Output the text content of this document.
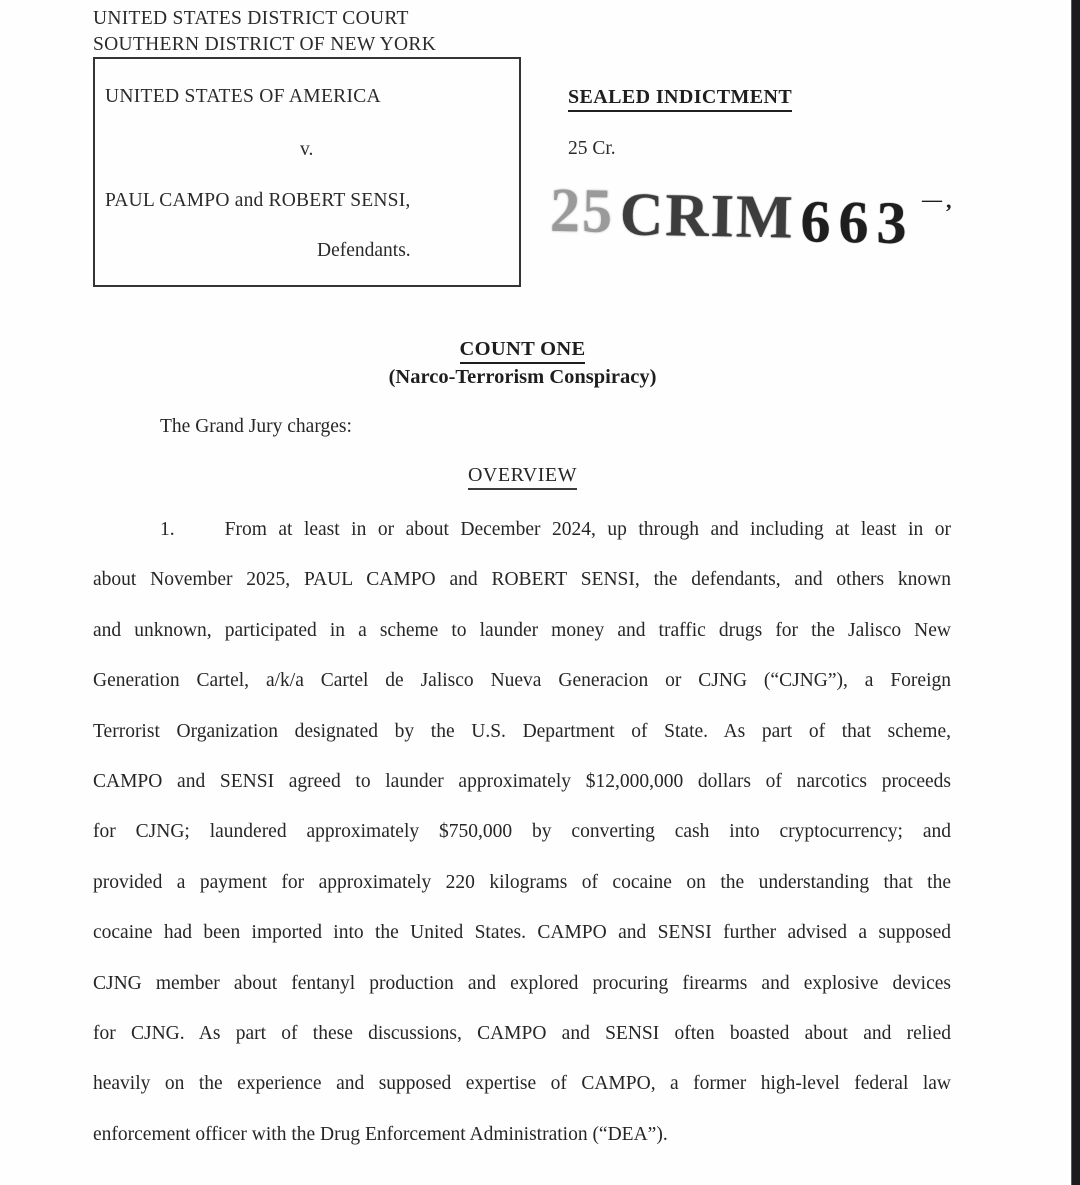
UNITED STATES DISTRICT COURT
SOUTHERN DISTRICT OF NEW YORK
UNITED STATES OF AMERICA
v.
PAUL CAMPO and ROBERT SENSI,
Defendants.
SEALED INDICTMENT
25 Cr.
25 CRIM 663 — ,
COUNT ONE
(Narco-Terrorism Conspiracy)
The Grand Jury charges:
OVERVIEW
1.	From at least in or about December 2024, up through and including at least in or
about November 2025, PAUL CAMPO and ROBERT SENSI, the defendants, and others known
and unknown, participated in a scheme to launder money and traffic drugs for the Jalisco New
Generation Cartel, a/k/a Cartel de Jalisco Nueva Generacion or CJNG (“CJNG”), a Foreign
Terrorist Organization designated by the U.S. Department of State. As part of that scheme,
CAMPO and SENSI agreed to launder approximately $12,000,000 dollars of narcotics proceeds
for CJNG; laundered approximately $750,000 by converting cash into cryptocurrency; and
provided a payment for approximately 220 kilograms of cocaine on the understanding that the
cocaine had been imported into the United States. CAMPO and SENSI further advised a supposed
CJNG member about fentanyl production and explored procuring firearms and explosive devices
for CJNG. As part of these discussions, CAMPO and SENSI often boasted about and relied
heavily on the experience and supposed expertise of CAMPO, a former high-level federal law
enforcement officer with the Drug Enforcement Administration (“DEA”).
